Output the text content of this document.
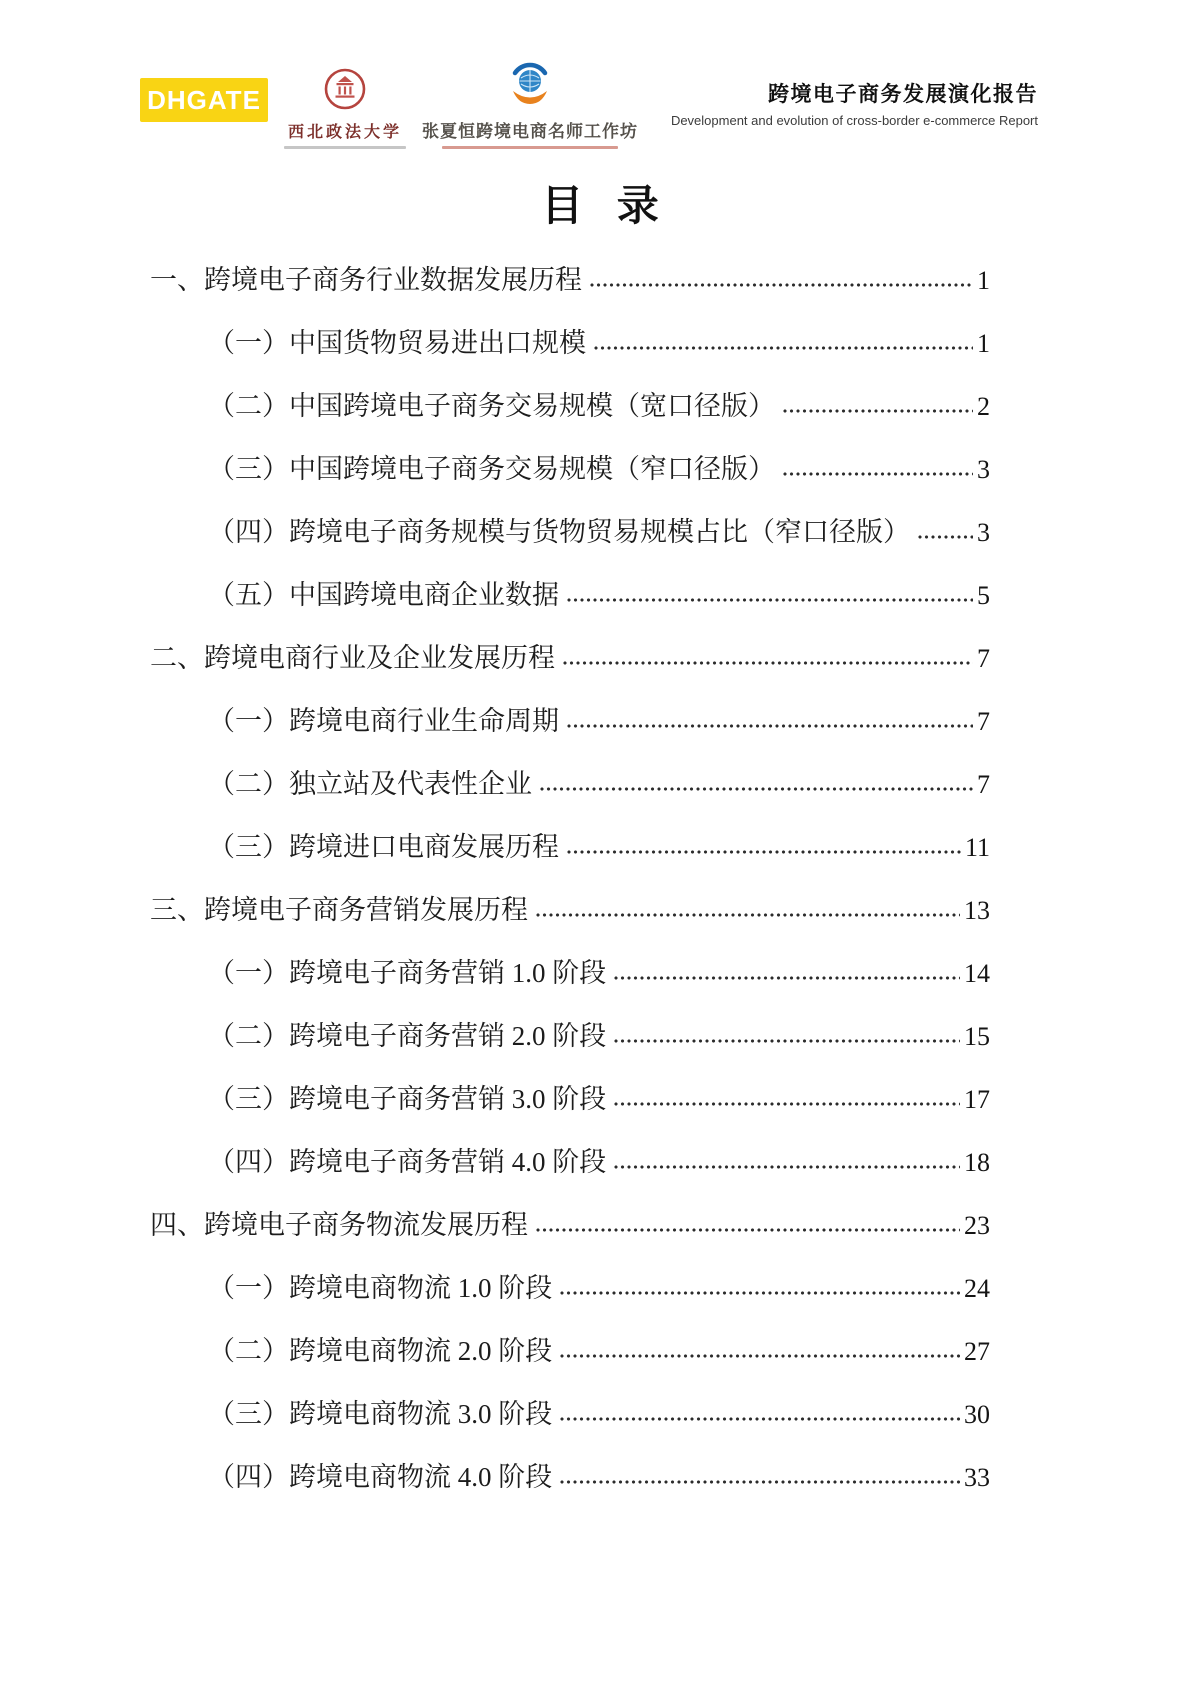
DHGATE
西北政法大学 张夏恒跨境电商名师工作坊
跨境电子商务发展演化报告
Development and evolution of cross-border e-commerce Report
目 录
一、跨境电子商务行业数据发展历程	1
（一）中国货物贸易进出口规模	1
（二）中国跨境电子商务交易规模（宽口径版）	2
（三）中国跨境电子商务交易规模（窄口径版）	3
（四）跨境电子商务规模与货物贸易规模占比（窄口径版）	3
（五）中国跨境电商企业数据	5
二、跨境电商行业及企业发展历程	7
（一）跨境电商行业生命周期	7
（二）独立站及代表性企业	7
（三）跨境进口电商发展历程	11
三、跨境电子商务营销发展历程	13
（一）跨境电子商务营销 1.0 阶段	14
（二）跨境电子商务营销 2.0 阶段	15
（三）跨境电子商务营销 3.0 阶段	17
（四）跨境电子商务营销 4.0 阶段	18
四、跨境电子商务物流发展历程	23
（一）跨境电商物流 1.0 阶段	24
（二）跨境电商物流 2.0 阶段	27
（三）跨境电商物流 3.0 阶段	30
（四）跨境电商物流 4.0 阶段	33
